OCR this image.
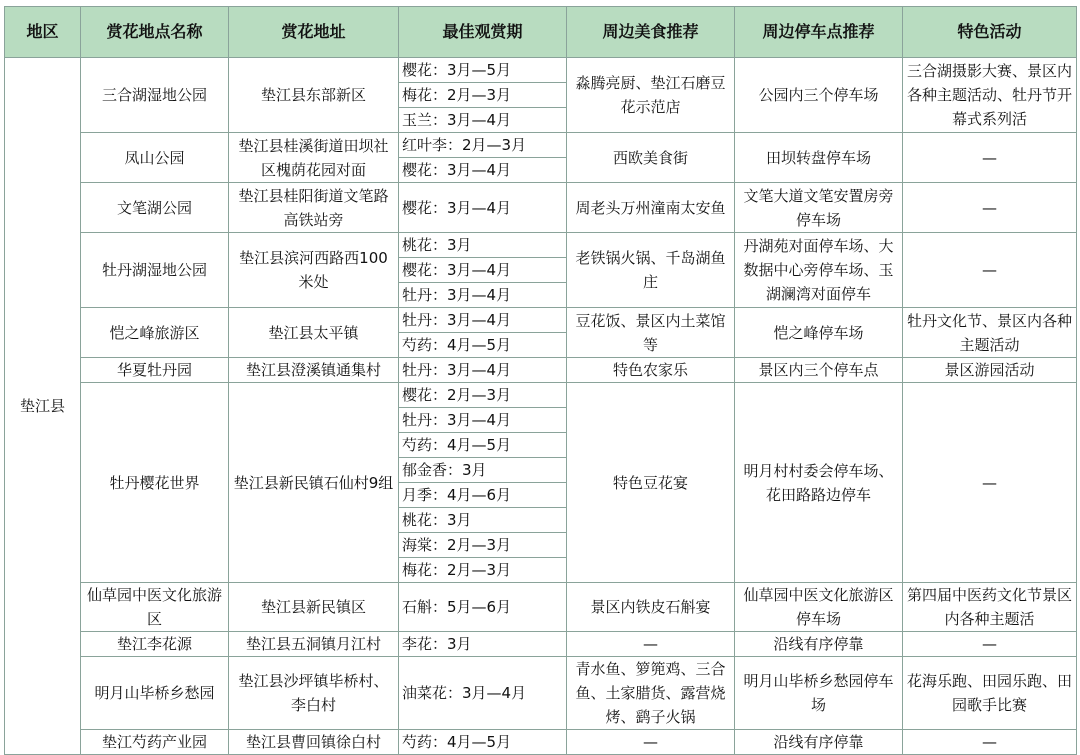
地区	赏花地点名称	赏花地址	最佳观赏期	周边美食推荐	周边停车点推荐	特色活动
垫江县	三合湖湿地公园	垫江县东部新区	樱花：3月—5月	淼腾亮厨、垫江石磨豆花示范店	公园内三个停车场	三合湖摄影大赛、景区内各种主题活动、牡丹节开幕式系列活
			梅花：2月—3月			
			玉兰：3月—4月			
	凤山公园	垫江县桂溪街道田坝社区槐荫花园对面	红叶李：2月—3月	西欧美食街	田坝转盘停车场	—
			樱花：3月—4月			
	文笔湖公园	垫江县桂阳街道文笔路高铁站旁	樱花：3月—4月	周老头万州潼南太安鱼	文笔大道文笔安置房旁停车场	—
	牡丹湖湿地公园	垫江县滨河西路西100米处	桃花：3月	老铁锅火锅、千岛湖鱼庄	丹湖苑对面停车场、大数据中心旁停车场、玉湖澜湾对面停车	—
			樱花：3月—4月			
			牡丹：3月—4月			
	恺之峰旅游区	垫江县太平镇	牡丹：3月—4月	豆花饭、景区内土菜馆等	恺之峰停车场	牡丹文化节、景区内各种主题活动
			芍药：4月—5月			
	华夏牡丹园	垫江县澄溪镇通集村	牡丹：3月—4月	特色农家乐	景区内三个停车点	景区游园活动
	牡丹樱花世界	垫江县新民镇石仙村9组	樱花：2月—3月	特色豆花宴	明月村村委会停车场、花田路路边停车	—
			牡丹：3月—4月			
			芍药：4月—5月			
			郁金香：3月			
			月季：4月—6月			
			桃花：3月			
			海棠：2月—3月			
			梅花：2月—3月			
	仙草园中医文化旅游区	垫江县新民镇区	石斛：5月—6月	景区内铁皮石斛宴	仙草园中医文化旅游区停车场	第四届中医药文化节景区内各种主题活
	垫江李花源	垫江县五洞镇月江村	李花：3月	—	沿线有序停靠	—
	明月山毕桥乡愁园	垫江县沙坪镇毕桥村、李白村	油菜花：3月—4月	青水鱼、箩篼鸡、三合鱼、土家腊货、露营烧烤、鹞子火锅	明月山毕桥乡愁园停车场	花海乐跑、田园乐跑、田园歌手比赛
	垫江芍药产业园	垫江县曹回镇徐白村	芍药：4月—5月	—	沿线有序停靠	—
